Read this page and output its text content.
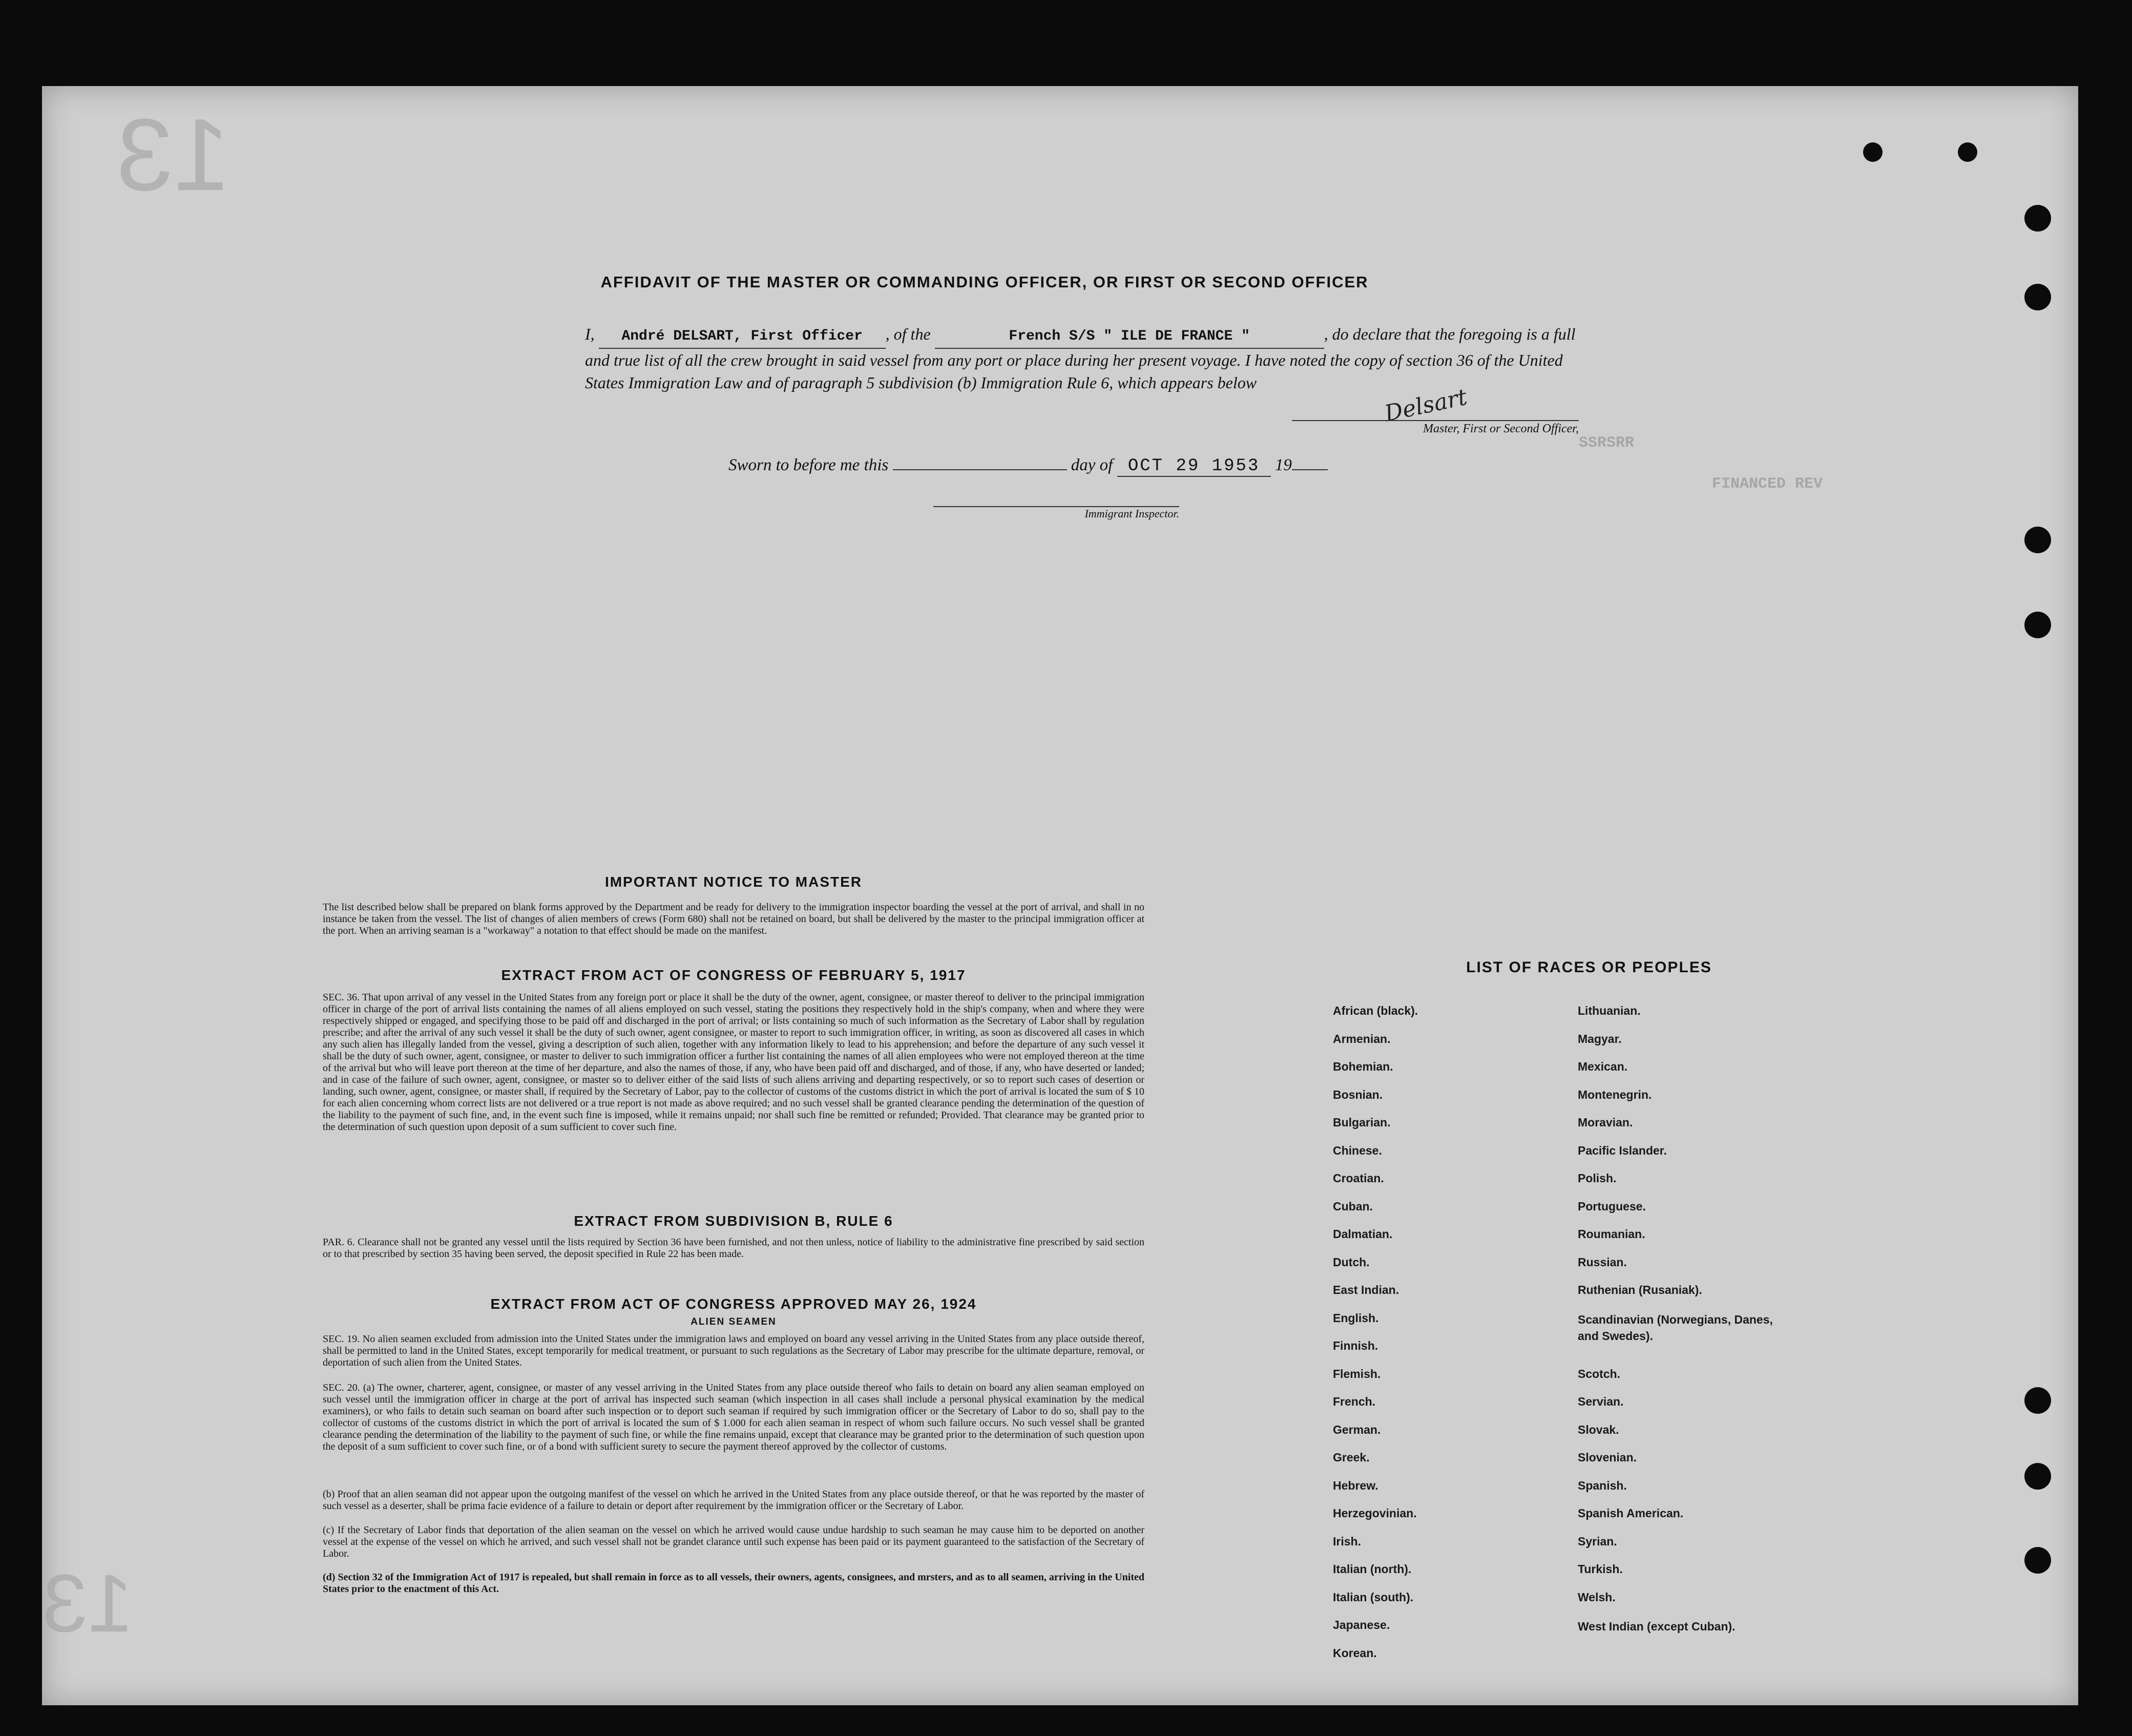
13
13
SSRSRR
FINANCED REV
AFFIDAVIT OF THE MASTER OR COMMANDING OFFICER, OR FIRST OR SECOND OFFICER
I, André DELSART, First Officer , of the	French S/S " ILE DE FRANCE "	, do declare that the foregoing is a full and true list of all the crew brought in said vessel from any port or place during her present voyage. I have noted the copy of section 36 of the United States Immigration Law and of paragraph 5 subdivision (b) Immigration Rule 6, which appears below
Delsart
Master, First or Second Officer,
Sworn to before me this	day of OCT 29 1953 19
Immigrant Inspector.
IMPORTANT NOTICE TO MASTER
The list described below shall be prepared on blank forms approved by the Department and be ready for delivery to the immigration inspector boarding the vessel at the port of arrival, and shall in no instance be taken from the vessel. The list of changes of alien members of crews (Form 680) shall not be retained on board, but shall be delivered by the master to the principal immigration officer at the port. When an arriving seaman is a "workaway" a notation to that effect should be made on the manifest.
EXTRACT FROM ACT OF CONGRESS OF FEBRUARY 5, 1917
SEC. 36. That upon arrival of any vessel in the United States from any foreign port or place it shall be the duty of the owner, agent, consignee, or master thereof to deliver to the principal immigration officer in charge of the port of arrival lists containing the names of all aliens employed on such vessel, stating the positions they respectively hold in the ship's company, when and where they were respectively shipped or engaged, and specifying those to be paid off and discharged in the port of arrival; or lists containing so much of such information as the Secretary of Labor shall by regulation prescribe; and after the arrival of any such vessel it shall be the duty of such owner, agent consignee, or master to report to such immigration officer, in writing, as soon as discovered all cases in which any such alien has illegally landed from the vessel, giving a description of such alien, together with any information likely to lead to his apprehension; and before the departure of any such vessel it shall be the duty of such owner, agent, consignee, or master to deliver to such immigration officer a further list containing the names of all alien employees who were not employed thereon at the time of the arrival but who will leave port thereon at the time of her departure, and also the names of those, if any, who have been paid off and discharged, and of those, if any, who have deserted or landed; and in case of the failure of such owner, agent, consignee, or master so to deliver either of the said lists of such aliens arriving and departing respectively, or so to report such cases of desertion or landing, such owner, agent, consignee, or master shall, if required by the Secretary of Labor, pay to the collector of customs of the customs district in which the port of arrival is located the sum of $ 10 for each alien concerning whom correct lists are not delivered or a true report is not made as above required; and no such vessel shall be granted clearance pending the determination of the question of the liability to the payment of such fine, and, in the event such fine is imposed, while it remains unpaid; nor shall such fine be remitted or refunded; Provided. That clearance may be granted prior to the determination of such question upon deposit of a sum sufficient to cover such fine.
EXTRACT FROM SUBDIVISION B, RULE 6
PAR. 6. Clearance shall not be granted any vessel until the lists required by Section 36 have been furnished, and not then unless, notice of liability to the administrative fine prescribed by said section or to that prescribed by section 35 having been served, the deposit specified in Rule 22 has been made.
EXTRACT FROM ACT OF CONGRESS APPROVED MAY 26, 1924
ALIEN SEAMEN
SEC. 19. No alien seamen excluded from admission into the United States under the immigration laws and employed on board any vessel arriving in the United States from any place outside thereof, shall be permitted to land in the United States, except temporarily for medical treatment, or pursuant to such regulations as the Secretary of Labor may prescribe for the ultimate departure, removal, or deportation of such alien from the United States.
SEC. 20. (a) The owner, charterer, agent, consignee, or master of any vessel arriving in the United States from any place outside thereof who fails to detain on board any alien seaman employed on such vessel until the immigration officer in charge at the port of arrival has inspected such seaman (which inspection in all cases shall include a personal physical examination by the medical examiners), or who fails to detain such seaman on board after such inspection or to deport such seaman if required by such immigration officer or the Secretary of Labor to do so, shall pay to the collector of customs of the customs district in which the port of arrival is located the sum of $ 1.000 for each alien seaman in respect of whom such failure occurs. No such vessel shall be granted clearance pending the determination of the liability to the payment of such fine, or while the fine remains unpaid, except that clearance may be granted prior to the determination of such question upon the deposit of a sum sufficient to cover such fine, or of a bond with sufficient surety to secure the payment thereof approved by the collector of customs.
(b) Proof that an alien seaman did not appear upon the outgoing manifest of the vessel on which he arrived in the United States from any place outside thereof, or that he was reported by the master of such vessel as a deserter, shall be prima facie evidence of a failure to detain or deport after requirement by the immigration officer or the Secretary of Labor.
(c) If the Secretary of Labor finds that deportation of the alien seaman on the vessel on which he arrived would cause undue hardship to such seaman he may cause him to be deported on another vessel at the expense of the vessel on which he arrived, and such vessel shall not be grandet clarance until such expense has been paid or its payment guaranteed to the satisfaction of the Secretary of Labor.
(d) Section 32 of the Immigration Act of 1917 is repealed, but shall remain in force as to all vessels, their owners, agents, consignees, and mrsters, and as to all seamen, arriving in the United States prior to the enactment of this Act.
LIST OF RACES OR PEOPLES
African (black).
Armenian.
Bohemian.
Bosnian.
Bulgarian.
Chinese.
Croatian.
Cuban.
Dalmatian.
Dutch.
East Indian.
English.
Finnish.
Flemish.
French.
German.
Greek.
Hebrew.
Herzegovinian.
Irish.
Italian (north).
Italian (south).
Japanese.
Korean.
Lithuanian.
Magyar.
Mexican.
Montenegrin.
Moravian.
Pacific Islander.
Polish.
Portuguese.
Roumanian.
Russian.
Ruthenian (Rusaniak).
Scandinavian (Norwegians, Danes, and Swedes).
Scotch.
Servian.
Slovak.
Slovenian.
Spanish.
Spanish American.
Syrian.
Turkish.
Welsh.
West Indian (except Cuban).
